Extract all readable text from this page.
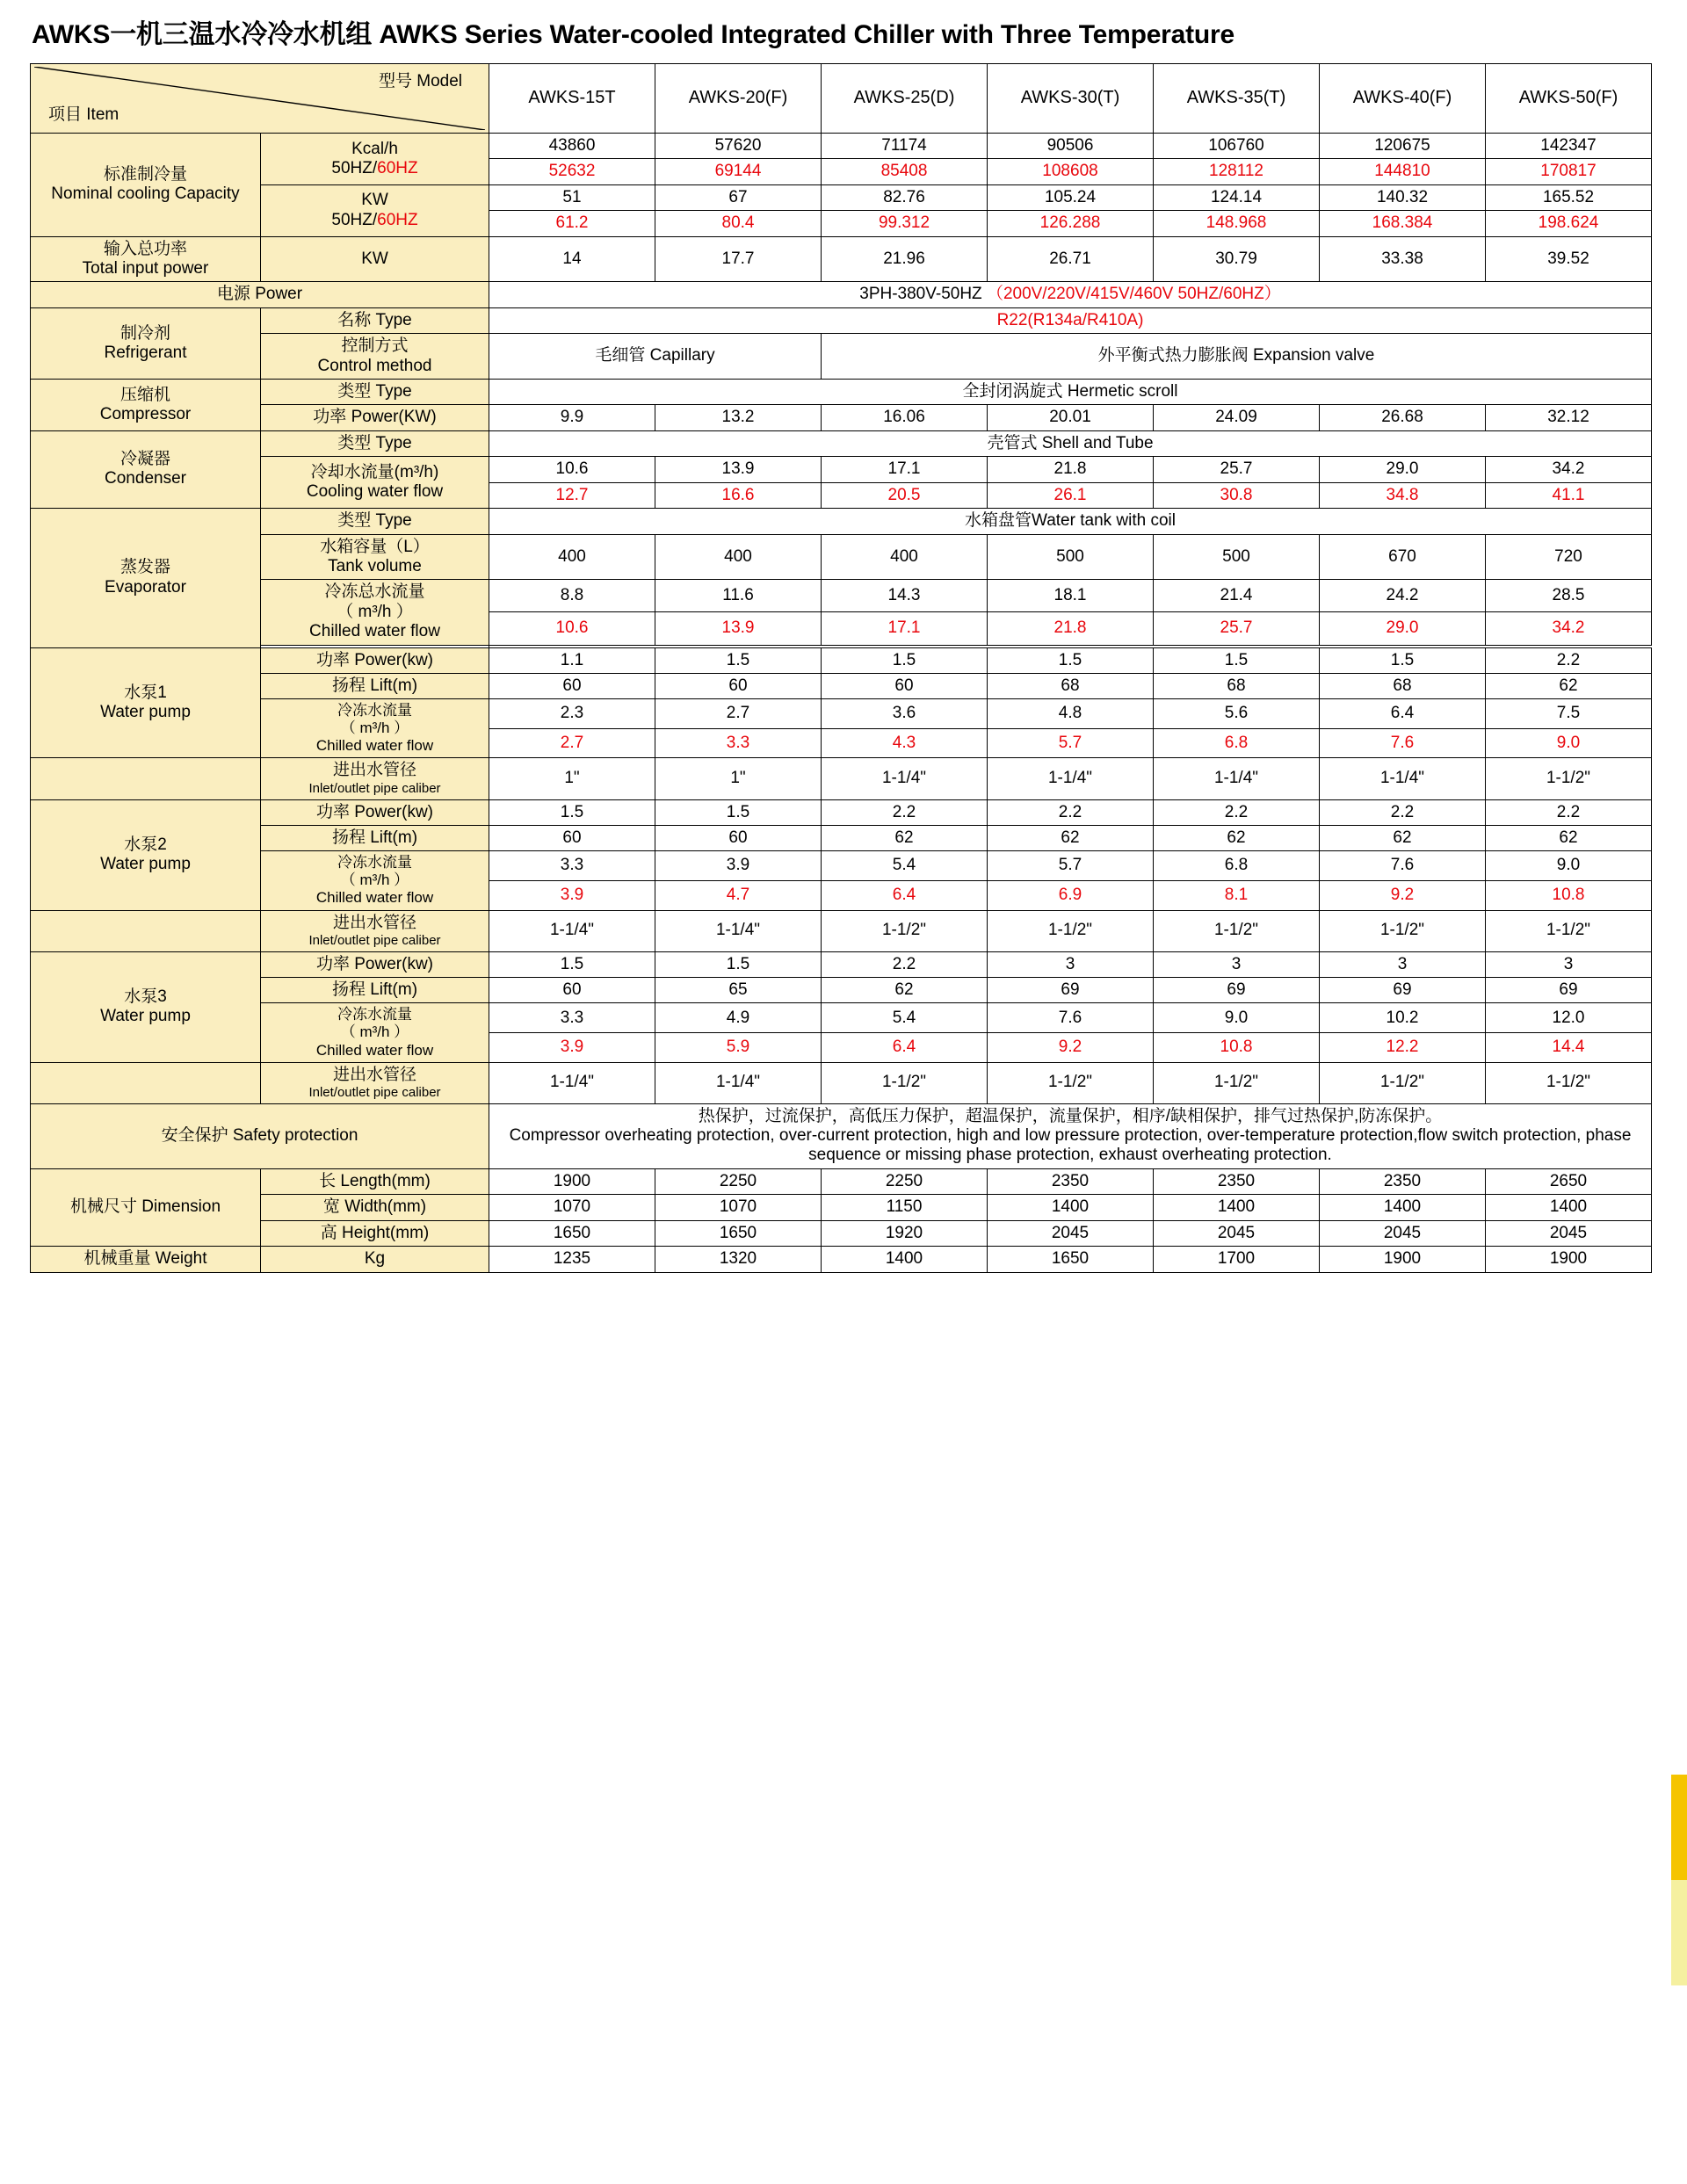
AWKS一机三温水冷冷水机组 AWKS Series Water-cooled Integrated Chiller with Three Temperature
型号 Model
项目 Item		AWKS-15T	AWKS-20(F)	AWKS-25(D)	AWKS-30(T)	AWKS-35(T)	AWKS-40(F)	AWKS-50(F)

标准制冷量
Nominal cooling Capacity

Kcal/h
50HZ/60HZ
	43860	57620	71174	90506	106760	120675	142347
		52632	69144	85408	108608	128112	144810	170817

	KW
50HZ/60HZ	51	67	82.76	105.24	124.14	140.32	165.52
		61.2	80.4	99.312	126.288	148.968	168.384	198.624

输入总功率
Total input power	KW	14	17.7	21.96	26.71	30.79	33.38	39.52
电源 Power		3PH-380V-50HZ （200V/220V/415V/460V 50HZ/60HZ）						

制冷剂
Refrigerant	名称 Type	R22(R134a/R410A)						

	控制方式
Control method	毛细管 Capillary		外平衡式热力膨胀阀 Expansion valve				

压缩机
Compressor	类型 Type	全封闭涡旋式 Hermetic scroll						
	功率 Power(KW)	9.9	13.2	16.06	20.01	24.09	26.68	32.12

冷凝器
Condenser	类型 Type	壳管式 Shell and Tube						

	冷却水流量(m³/h)
Cooling water flow	10.6	13.9	17.1	21.8	25.7	29.0	34.2
		12.7	16.6	20.5	26.1	30.8	34.8	41.1

蒸发器
Evaporator	类型 Type	水箱盘管Water tank with coil						

	水箱容量（L）
Tank volume	400	400	400	500	500	670	720

	冷冻总水流量
（ m³/h ）
Chilled water flow	8.8	11.6	14.3	18.1	21.4	24.2	28.5
		10.6	13.9	17.1	21.8	25.7	29.0	34.2

水泵1
Water pump	功率 Power(kw)	1.1	1.5	1.5	1.5	1.5	1.5	2.2
	扬程 Lift(m)	60	60	60	68	68	68	62

	冷冻水流量
（ m³/h ）
Chilled water flow	2.3	2.7	3.6	4.8	5.6	6.4	7.5
		2.7	3.3	4.3	5.7	6.8	7.6	9.0

	进出水管径
Inlet/outlet pipe caliber	1"	1"	1-1/4"	1-1/4"	1-1/4"	1-1/4"	1-1/2"

水泵2
Water pump	功率 Power(kw)	1.5	1.5	2.2	2.2	2.2	2.2	2.2
	扬程 Lift(m)	60	60	62	62	62	62	62

	冷冻水流量
（ m³/h ）
Chilled water flow	3.3	3.9	5.4	5.7	6.8	7.6	9.0
		3.9	4.7	6.4	6.9	8.1	9.2	10.8

	进出水管径
Inlet/outlet pipe caliber	1-1/4"	1-1/4"	1-1/2"	1-1/2"	1-1/2"	1-1/2"	1-1/2"

水泵3
Water pump	功率 Power(kw)	1.5	1.5	2.2	3	3	3	3
	扬程 Lift(m)	60	65	62	69	69	69	69

	冷冻水流量
（ m³/h ）
Chilled water flow	3.3	4.9	5.4	7.6	9.0	10.2	12.0
		3.9	5.9	6.4	9.2	10.8	12.2	14.4

	进出水管径
Inlet/outlet pipe caliber	1-1/4"	1-1/4"	1-1/2"	1-1/2"	1-1/2"	1-1/2"	1-1/2"
安全保护 Safety protection		热保护，过流保护，高低压力保护，超温保护，流量保护，相序/缺相保护，排气过热保护,防冻保护。
Compressor overheating protection, over-current protection, high and low pressure protection, over-temperature protection,flow switch protection, phase sequence or missing phase protection, exhaust overheating protection.						

机械尺寸 Dimension	长 Length(mm)	1900	2250	2250	2350	2350	2350	2650
	宽 Width(mm)	1070	1070	1150	1400	1400	1400	1400
	高 Height(mm)	1650	1650	1920	2045	2045	2045	2045
机械重量 Weight	Kg	1235	1320	1400	1650	1700	1900	1900
